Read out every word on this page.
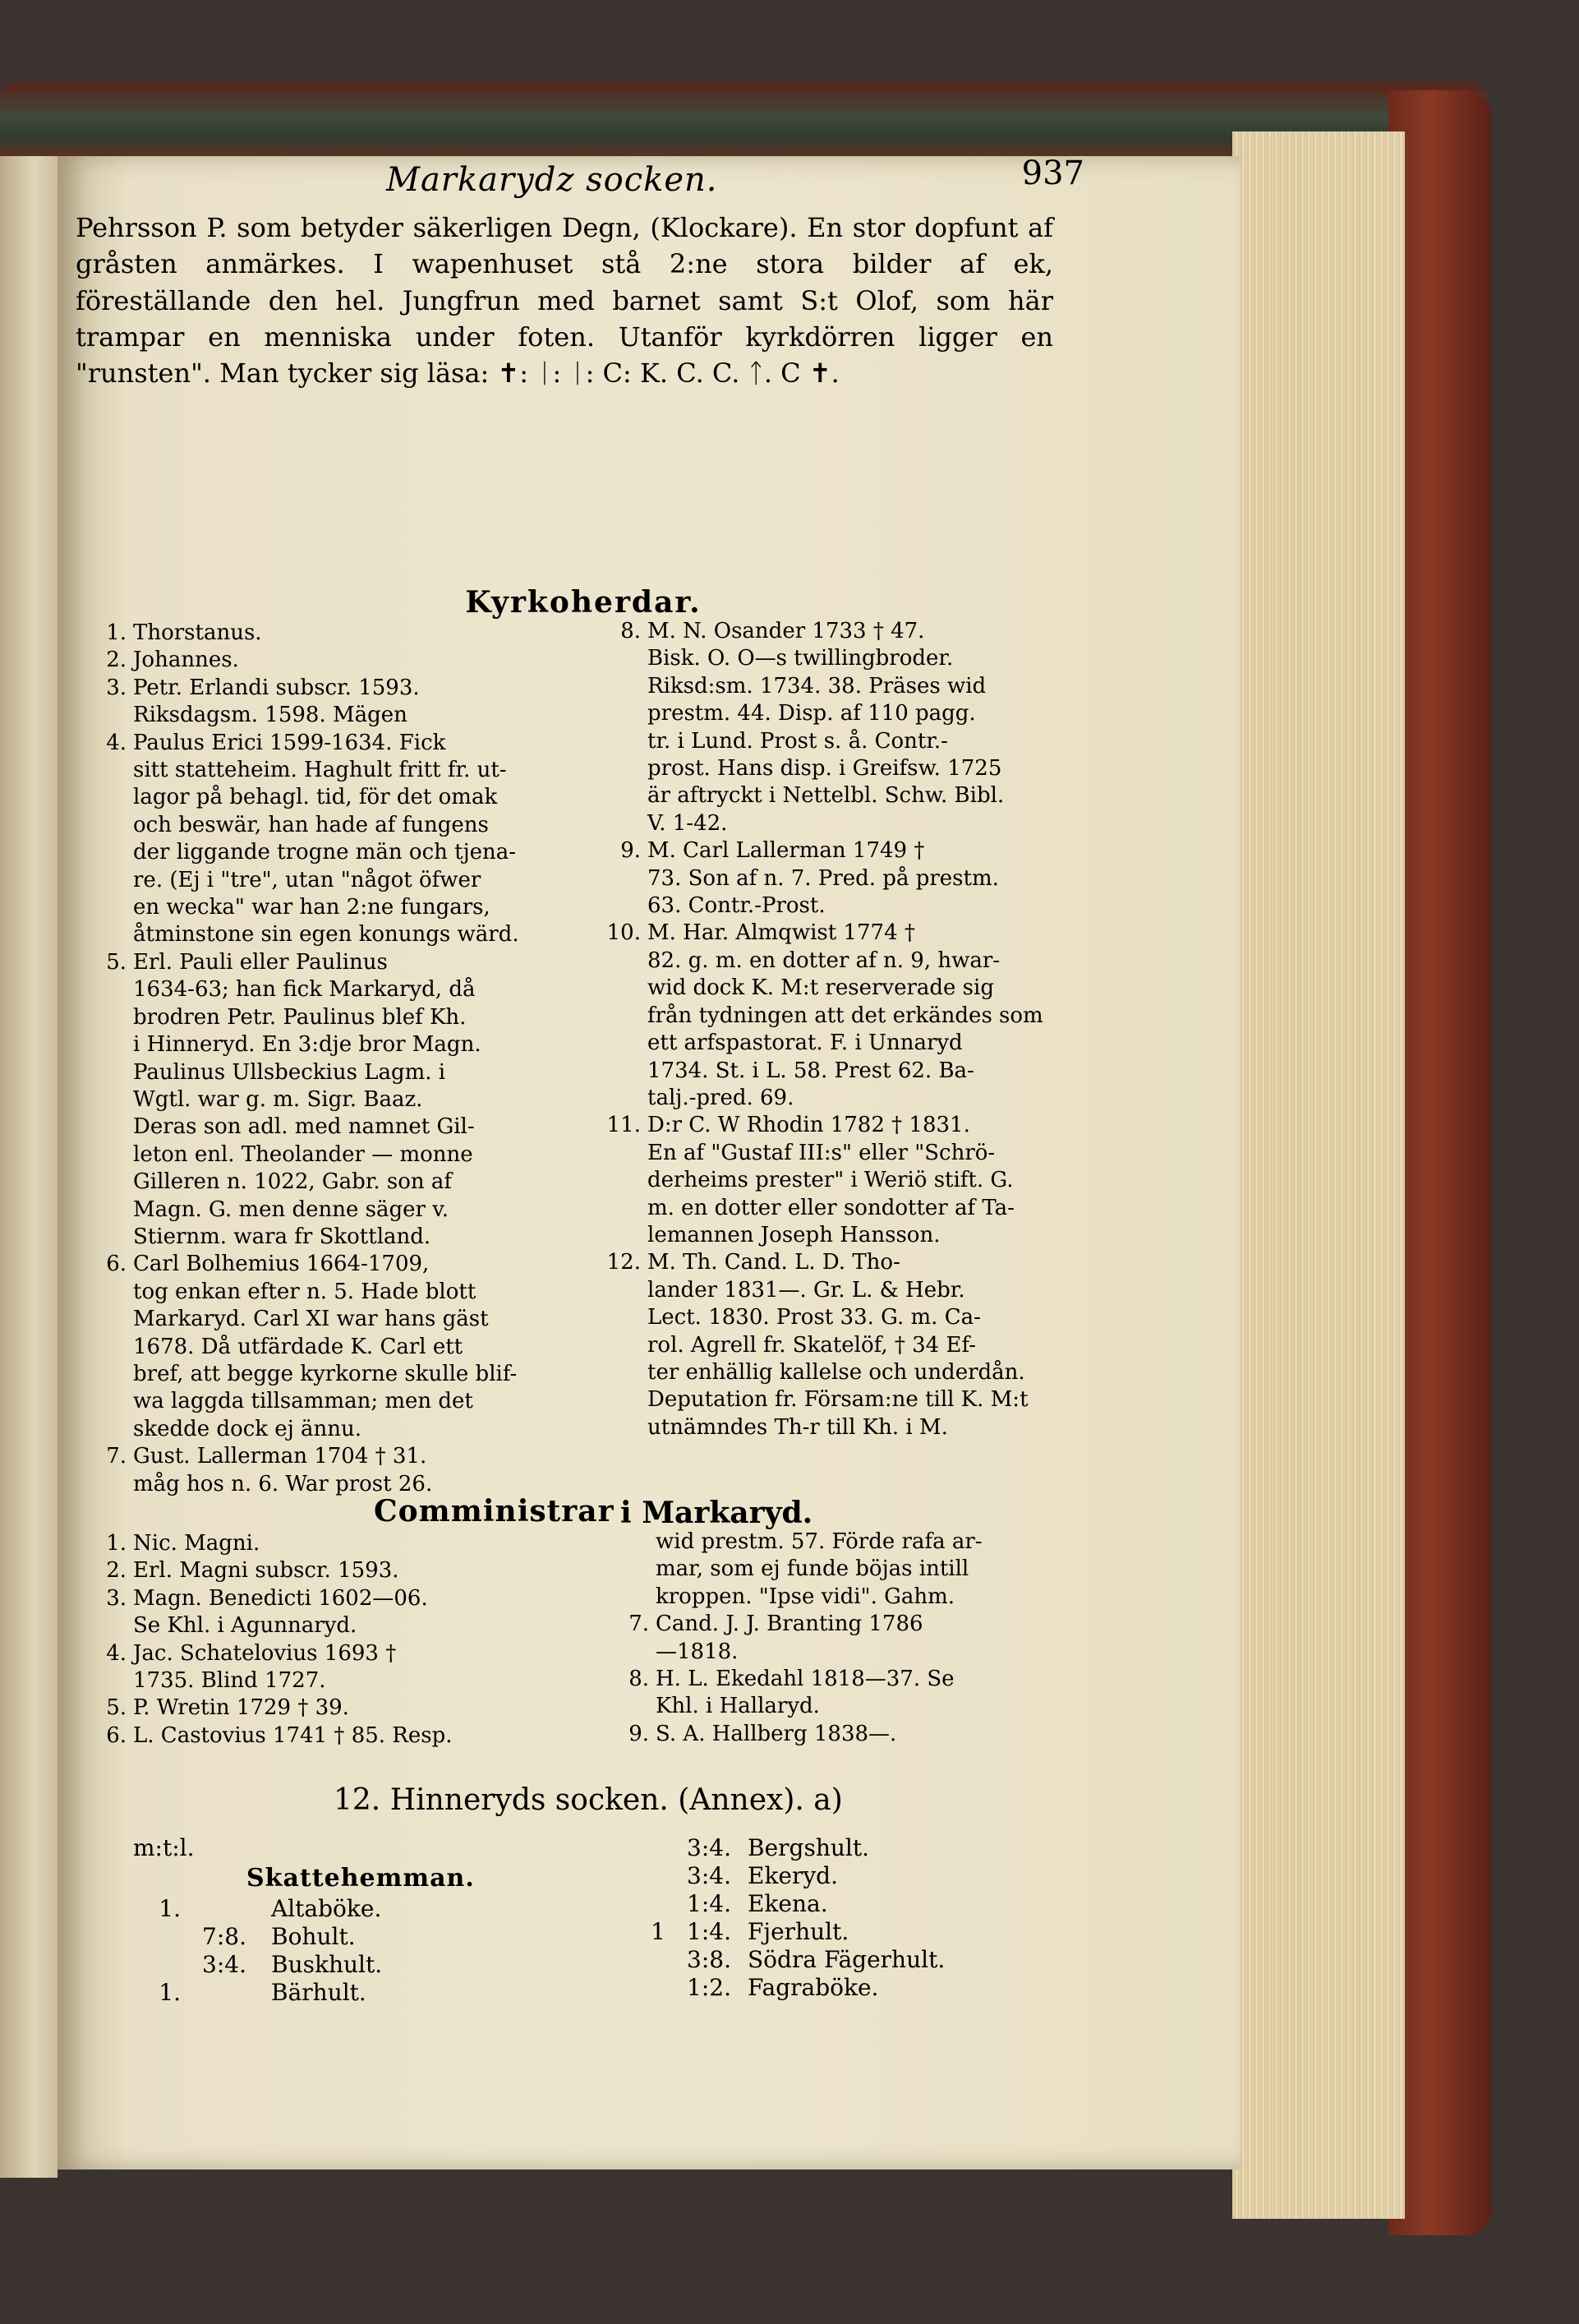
Markarydz socken.	937
Pehrsson P. som betyder säkerligen Degn, (Klockare). En stor dopfunt af gråsten anmärkes. I wapenhuset stå 2:ne stora bilder af ek, föreställande den hel. Jungfrun med barnet samt S:t Olof, som här trampar en menniska under foten. Utanför kyrkdörren ligger en "runsten". Man tycker sig läsa: ✝: ᛁ: ᛁ: C: K. C. C. ᛏ. C ✝.
Kyrkoherdar.
1. Thorstanus.
2. Johannes.
3. Petr. Erlandi subscr. 1593.
Riksdagsm. 1598. Mägen
4. Paulus Erici 1599-1634. Fick
sitt statteheim. Haghult fritt fr. ut-
lagor på behagl. tid, för det omak
och beswär, han hade af fungens
der liggande trogne män och tjena-
re. (Ej i "tre", utan "något öfwer
en wecka" war han 2:ne fungars,
åtminstone sin egen konungs wärd.
5. Erl. Pauli eller Paulinus
1634-63; han fick Markaryd, då
brodren Petr. Paulinus blef Kh.
i Hinneryd. En 3:dje bror Magn.
Paulinus Ullsbeckius Lagm. i
Wgtl. war g. m. Sigr. Baaz.
Deras son adl. med namnet Gil-
leton enl. Theolander — monne
Gilleren n. 1022, Gabr. son af
Magn. G. men denne säger v.
Stiernm. wara fr Skottland.
6. Carl Bolhemius 1664-1709,
tog enkan efter n. 5. Hade blott
Markaryd. Carl XI war hans gäst
1678. Då utfärdade K. Carl ett
bref, att begge kyrkorne skulle blif-
wa laggda tillsamman; men det
skedde dock ej ännu.
7. Gust. Lallerman 1704 † 31.
måg hos n. 6. War prost 26.
8. M. N. Osander 1733 † 47.
Bisk. O. O—s twillingbroder.
Riksd:sm. 1734. 38. Präses wid
prestm. 44. Disp. af 110 pagg.
tr. i Lund. Prost s. å. Contr.-
prost. Hans disp. i Greifsw. 1725
är aftryckt i Nettelbl. Schw. Bibl.
V. 1-42.
9. M. Carl Lallerman 1749 †
73. Son af n. 7. Pred. på prestm.
63. Contr.-Prost.
10. M. Har. Almqwist 1774 †
82. g. m. en dotter af n. 9, hwar-
wid dock K. M:t reserverade sig
från tydningen att det erkändes som
ett arfspastorat. F. i Unnaryd
1734. St. i L. 58. Prest 62. Ba-
talj.-pred. 69.
11. D:r C. W Rhodin 1782 † 1831.
En af "Gustaf III:s" eller "Schrö-
derheims prester" i Weriö stift. G.
m. en dotter eller sondotter af Ta-
lemannen Joseph Hansson.
12. M. Th. Cand. L. D. Tho-
lander 1831—. Gr. L. & Hebr.
Lect. 1830. Prost 33. G. m. Ca-
rol. Agrell fr. Skatelöf, † 34 Ef-
ter enhällig kallelse och underdån.
Deputation fr. Försam:ne till K. M:t
utnämndes Th-r till Kh. i M.
Comministrar i Markaryd.
1. Nic. Magni.
2. Erl. Magni subscr. 1593.
3. Magn. Benedicti 1602—06.
Se Khl. i Agunnaryd.
4. Jac. Schatelovius 1693 †
1735. Blind 1727.
5. P. Wretin 1729 † 39.
6. L. Castovius 1741 † 85. Resp.
wid prestm. 57. Förde rafa ar-
mar, som ej funde böjas intill
kroppen. "Ipse vidi". Gahm.
7. Cand. J. J. Branting 1786
—1818.
8. H. L. Ekedahl 1818—37. Se
Khl. i Hallaryd.
9. S. A. Hallberg 1838—.
12. Hinneryds socken. (Annex). a)
m:t:l.
Skattehemman.
1.	Altaböke.
7:8. Bohult.
3:4. Buskhult.
1.	Bärhult.
3:4. Bergshult.
3:4. Ekeryd.
1:4. Ekena.
1 1:4. Fjerhult.
3:8. Södra Fägerhult.
1:2. Fagraböke.
